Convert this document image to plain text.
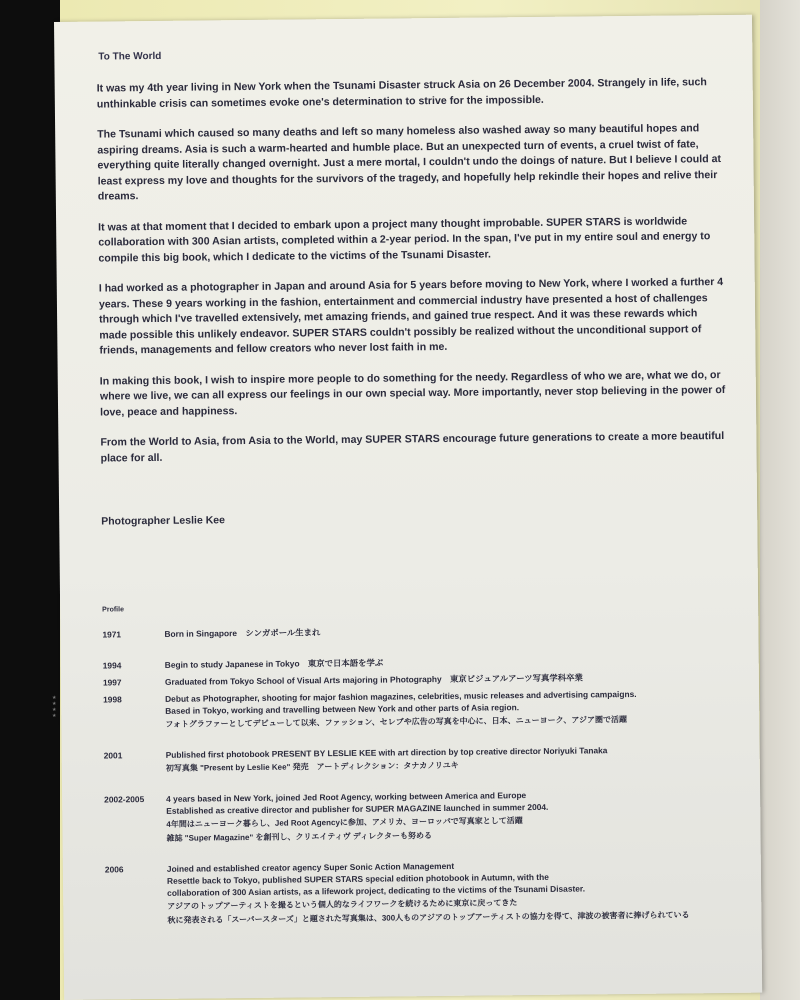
To The World

It was my 4th year living in New York when the Tsunami Disaster struck Asia on 26 December 2004. Strangely in life, such unthinkable crisis can sometimes evoke one's determination to strive for the impossible.

The Tsunami which caused so many deaths and left so many homeless also washed away so many beautiful hopes and aspiring dreams. Asia is such a warm-hearted and humble place. But an unexpected turn of events, a cruel twist of fate, everything quite literally changed overnight. Just a mere mortal, I couldn't undo the doings of nature. But I believe I could at least express my love and thoughts for the survivors of the tragedy, and hopefully help rekindle their hopes and relive their dreams.

It was at that moment that I decided to embark upon a project many thought improbable. SUPER STARS is worldwide collaboration with 300 Asian artists, completed within a 2-year period. In the span, I've put in my entire soul and energy to compile this big book, which I dedicate to the victims of the Tsunami Disaster.

I had worked as a photographer in Japan and around Asia for 5 years before moving to New York, where I worked a further 4 years. These 9 years working in the fashion, entertainment and commercial industry have presented a host of challenges through which I've travelled extensively, met amazing friends, and gained true respect. And it was these rewards which made possible this unlikely endeavor. SUPER STARS couldn't possibly be realized without the unconditional support of friends, managements and fellow creators who never lost faith in me.

In making this book, I wish to inspire more people to do something for the needy. Regardless of who we are, what we do, or where we live, we can all express our feelings in our own special way. More importantly, never stop believing in the power of love, peace and happiness.

From the World to Asia, from Asia to the World, may SUPER STARS encourage future generations to create a more beautiful place for all.

Photographer Leslie Kee
Profile
1971	Born in Singapore　シンガポール生まれ
1994	Begin to study Japanese in Tokyo　東京で日本語を学ぶ
1997	Graduated from Tokyo School of Visual Arts majoring in Photography　東京ビジュアルアーツ写真学科卒業
1998	Debut as Photographer, shooting for major fashion magazines, celebrities, music releases and advertising campaigns.
Based in Tokyo, working and travelling between New York and other parts of Asia region.
フォトグラファーとしてデビューして以来、ファッション、セレブや広告の写真を中心に、日本、ニューヨーク、アジア圏で活躍
2001	Published first photobook PRESENT BY LESLIE KEE with art direction by top creative director Noriyuki Tanaka
初写真集 "Present by Leslie Kee" 発売　アートディレクション：タナカノリユキ
2002-2005	4 years based in New York, joined Jed Root Agency, working between America and Europe
Established as creative director and publisher for SUPER MAGAZINE launched in summer 2004.
4年間はニューヨーク暮らし、Jed Root Agencyに参加、アメリカ、ヨーロッパで写真家として活躍
雑誌 "Super Magazine" を創刊し、クリエイティヴ ディレクターも努める
2006	Joined and established creator agency Super Sonic Action Management
Resettle back to Tokyo, published SUPER STARS special edition photobook in Autumn, with the
collaboration of 300 Asian artists, as a lifework project, dedicating to the victims of the Tsunami Disaster.
アジアのトップアーティストを撮るという個人的なライフワークを続けるために東京に戻ってきた
秋に発表される「スーパースターズ」と題された写真集は、300人ものアジアのトップアーティストの協力を得て、津波の被害者に捧げられている
★ ★ ★ ★
